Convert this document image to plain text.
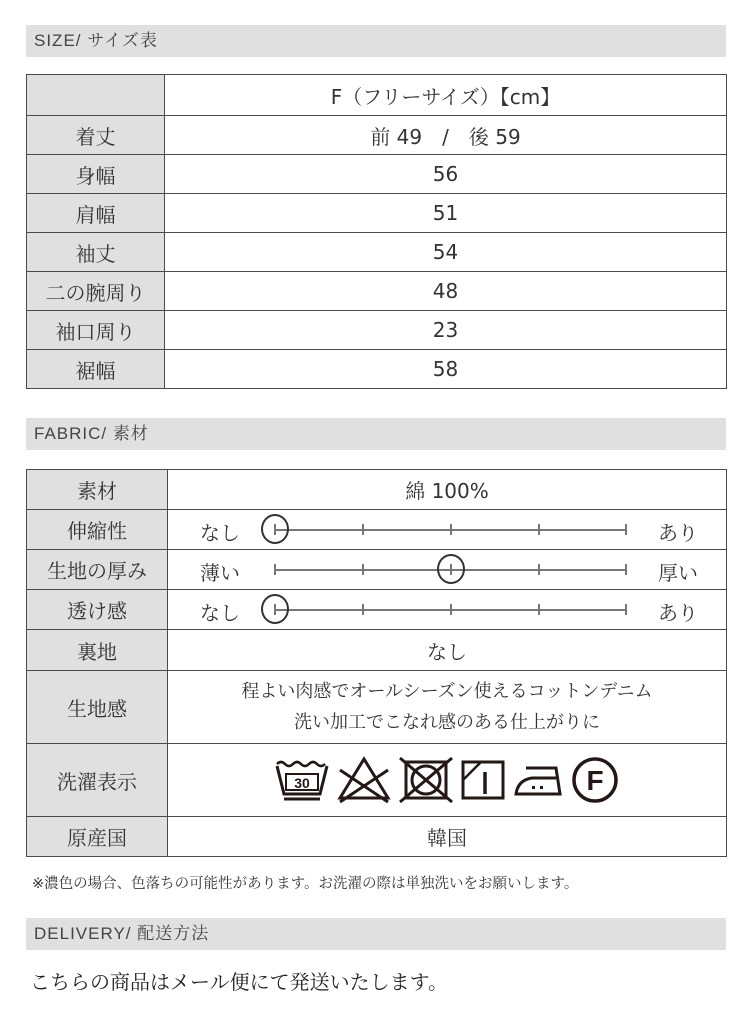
SIZE/ サイズ表
	F（フリーサイズ）【cm】
着丈	前 49　/　後 59
身幅	56
肩幅	51
袖丈	54
二の腕周り	48
袖口周り	23
裾幅	58
FABRIC/ 素材
素材	綿 100%
伸縮性	なし あり

生地の厚み	薄い 厚い

透け感	なし あり

裏地	なし
生地感	程よい肉感でオールシーズン使えるコットンデニム
洗い加工でこなれ感のある仕上がりに

洗濯表示	30 F

原産国	韓国
※濃色の場合、色落ちの可能性があります。お洗濯の際は単独洗いをお願いします。
DELIVERY/ 配送方法
こちらの商品はメール便にて発送いたします。
